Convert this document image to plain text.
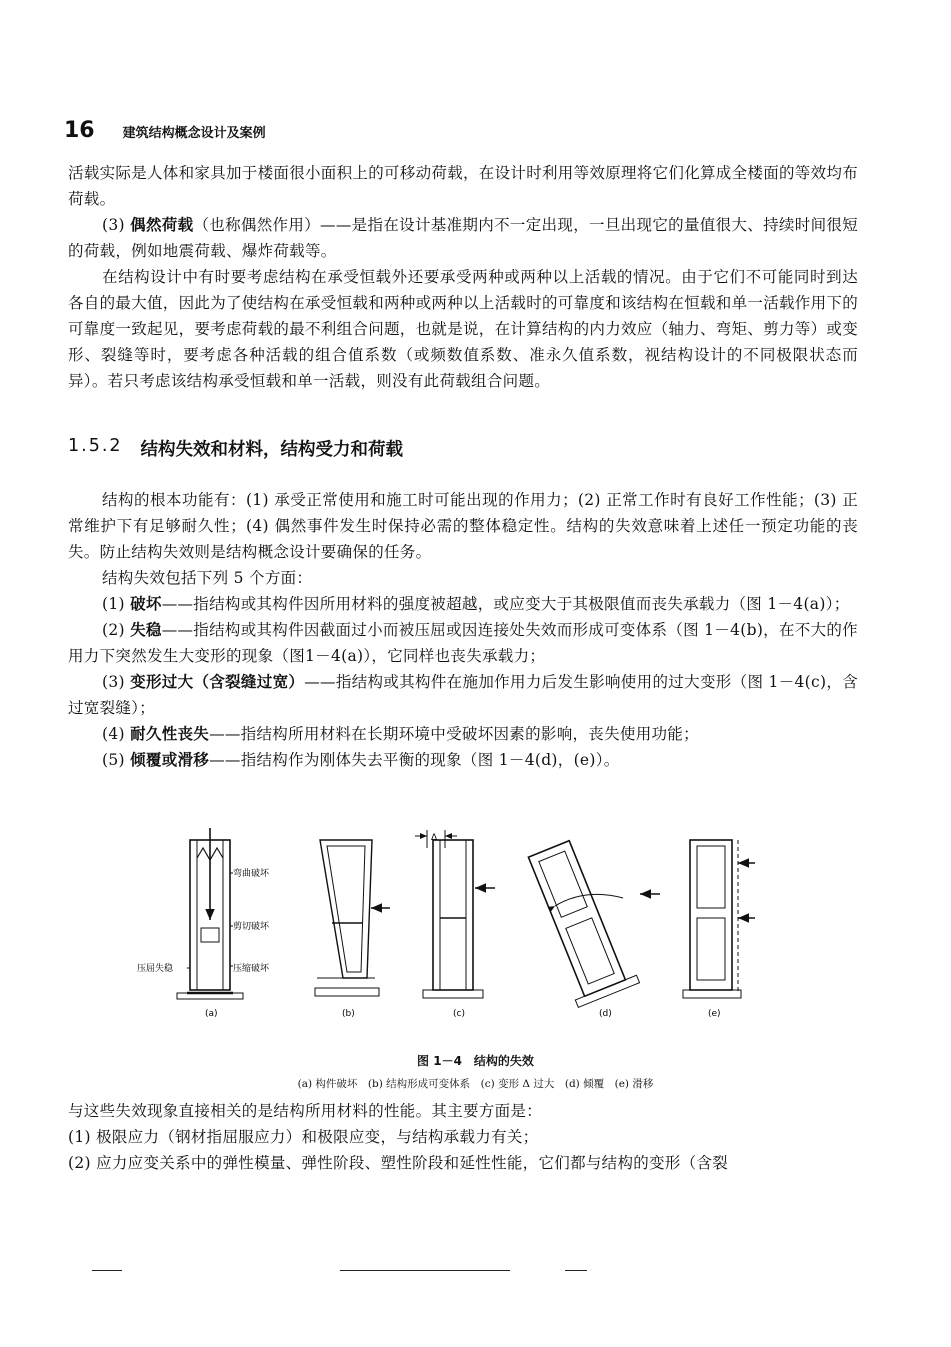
16 建筑结构概念设计及案例

活载实际是人体和家具加于楼面很小面积上的可移动荷载，在设计时利用等效原理将它们化算成全楼面的等效均布荷载。

(3) 偶然荷载（也称偶然作用）——是指在设计基准期内不一定出现，一旦出现它的量值很大、持续时间很短的荷载，例如地震荷载、爆炸荷载等。

在结构设计中有时要考虑结构在承受恒载外还要承受两种或两种以上活载的情况。由于它们不可能同时到达各自的最大值，因此为了使结构在承受恒载和两种或两种以上活载时的可靠度和该结构在恒载和单一活载作用下的可靠度一致起见，要考虑荷载的最不利组合问题，也就是说，在计算结构的内力效应（轴力、弯矩、剪力等）或变形、裂缝等时，要考虑各种活载的组合值系数（或频数值系数、准永久值系数，视结构设计的不同极限状态而异）。若只考虑该结构承受恒载和单一活载，则没有此荷载组合问题。

1.5.2 结构失效和材料，结构受力和荷载

结构的根本功能有：(1) 承受正常使用和施工时可能出现的作用力；(2) 正常工作时有良好工作性能；(3) 正常维护下有足够耐久性；(4) 偶然事件发生时保持必需的整体稳定性。结构的失效意味着上述任一预定功能的丧失。防止结构失效则是结构概念设计要确保的任务。

结构失效包括下列 5 个方面：

(1) 破坏——指结构或其构件因所用材料的强度被超越，或应变大于其极限值而丧失承载力（图 1－4(a)）；

(2) 失稳——指结构或其构件因截面过小而被压屈或因连接处失效而形成可变体系（图 1－4(b)，在不大的作用力下突然发生大变形的现象（图1－4(a)），它同样也丧失承载力；

(3) 变形过大（含裂缝过宽）——指结构或其构件在施加作用力后发生影响使用的过大变形（图 1－4(c)，含过宽裂缝）；

(4) 耐久性丧失——指结构所用材料在长期环境中受破坏因素的影响，丧失使用功能；

(5) 倾覆或滑移——指结构作为刚体失去平衡的现象（图 1－4(d)，(e)）。

弯曲破坏
剪切破坏
压屈失稳	压缩破坏
Δ
(a)	(b)	(c)	(d)	(e)
图 1－4　结构的失效
(a) 构件破坏　(b) 结构形成可变体系　(c) 变形 Δ 过大　(d) 倾覆　(e) 滑移

与这些失效现象直接相关的是结构所用材料的性能。其主要方面是：

(1) 极限应力（钢材指屈服应力）和极限应变，与结构承载力有关；

(2) 应力应变关系中的弹性模量、弹性阶段、塑性阶段和延性性能，它们都与结构的变形（含裂
